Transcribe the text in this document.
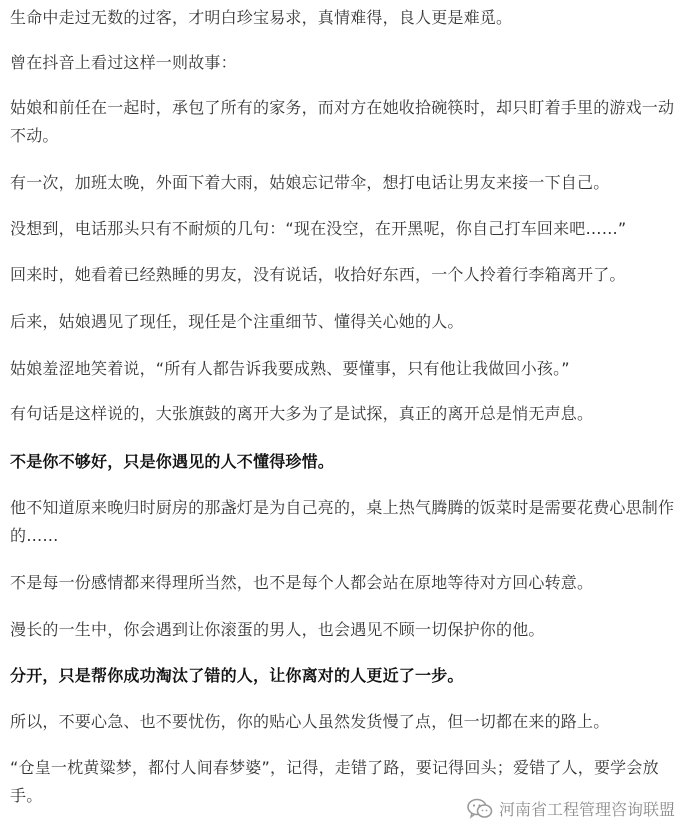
生命中走过无数的过客，才明白珍宝易求，真情难得，良人更是难觅。

曾在抖音上看过这样一则故事：

姑娘和前任在一起时，承包了所有的家务，而对方在她收拾碗筷时，却只盯着手里的游戏一动不动。

有一次，加班太晚，外面下着大雨，姑娘忘记带伞，想打电话让男友来接一下自己。

没想到，电话那头只有不耐烦的几句：“现在没空，在开黑呢，你自己打车回来吧……”

回来时，她看着已经熟睡的男友，没有说话，收拾好东西，一个人拎着行李箱离开了。

后来，姑娘遇见了现任，现任是个注重细节、懂得关心她的人。

姑娘羞涩地笑着说，“所有人都告诉我要成熟、要懂事，只有他让我做回小孩。”

有句话是这样说的，大张旗鼓的离开大多为了是试探，真正的离开总是悄无声息。

不是你不够好，只是你遇见的人不懂得珍惜。

他不知道原来晚归时厨房的那盏灯是为自己亮的，桌上热气腾腾的饭菜时是需要花费心思制作的……

不是每一份感情都来得理所当然，也不是每个人都会站在原地等待对方回心转意。

漫长的一生中，你会遇到让你滚蛋的男人，也会遇见不顾一切保护你的他。

分开，只是帮你成功淘汰了错的人，让你离对的人更近了一步。

所以，不要心急、也不要忧伤，你的贴心人虽然发货慢了点，但一切都在来的路上。

“仓皇一枕黄粱梦，都付人间春梦婆”，记得，走错了路，要记得回头；爱错了人，要学会放手。

河南省工程管理咨询联盟
